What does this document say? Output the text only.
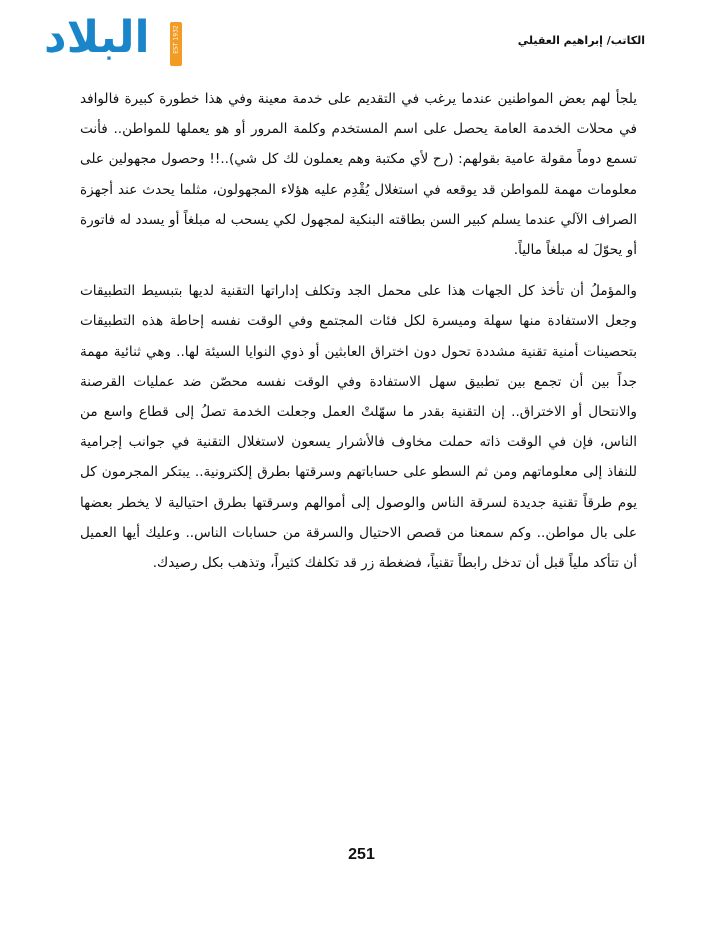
البلاد	EST 1932	الكاتب/ إبراهيم العقيلي

يلجأ لهم بعض المواطنين عندما يرغب في التقديم على خدمة معينة وفي هذا خطورة كبيرة فالوافد في محلات الخدمة العامة يحصل على اسم المستخدم وكلمة المرور أو هو يعملها للمواطن.. فأنت تسمع دوماً مقولة عامية بقولهم: (رح لأي مكتبة وهم يعملون لك كل شي)..!! وحصول مجهولين على معلومات مهمة للمواطن قد يوقعه في استغلال يُقْدِم عليه هؤلاء المجهولون، مثلما يحدث عند أجهزة الصراف الآلي عندما يسلم كبير السن بطاقته البنكية لمجهول لكي يسحب له مبلغاً أو يسدد له فاتورة أو يحوّلَ له مبلغاً مالياً.

والمؤملُ أن تأخذ كل الجهات هذا على محمل الجد وتكلف إداراتها التقنية لديها بتبسيط التطبيقات وجعل الاستفادة منها سهلة وميسرة لكل فئات المجتمع وفي الوقت نفسه إحاطة هذه التطبيقات بتحصينات أمنية تقنية مشددة تحول دون اختراق العابثين أو ذوي النوايا السيئة لها.. وهي ثنائية مهمة جداً بين أن تجمع بين تطبيق سهل الاستفادة وفي الوقت نفسه محصّن ضد عمليات القرصنة والانتحال أو الاختراق.. إن التقنية بقدر ما سهّلتْ العمل وجعلت الخدمة تصلُ إلى قطاع واسع من الناس، فإن في الوقت ذاته حملت مخاوف فالأشرار يسعون لاستغلال التقنية في جوانب إجرامية للنفاذ إلى معلوماتهم ومن ثم السطو على حساباتهم وسرقتها بطرق إلكترونية.. يبتكر المجرمون كل يوم طرقاً تقنية جديدة لسرقة الناس والوصول إلى أموالهم وسرقتها بطرق احتيالية لا يخطر بعضها على بال مواطن.. وكم سمعنا من قصص الاحتيال والسرقة من حسابات الناس.. وعليك أيها العميل أن تتأكد ملياً قبل أن تدخل رابطاً تقنياً، فضغطة زر قد تكلفك كثيراً، وتذهب بكل رصيدك.

251
